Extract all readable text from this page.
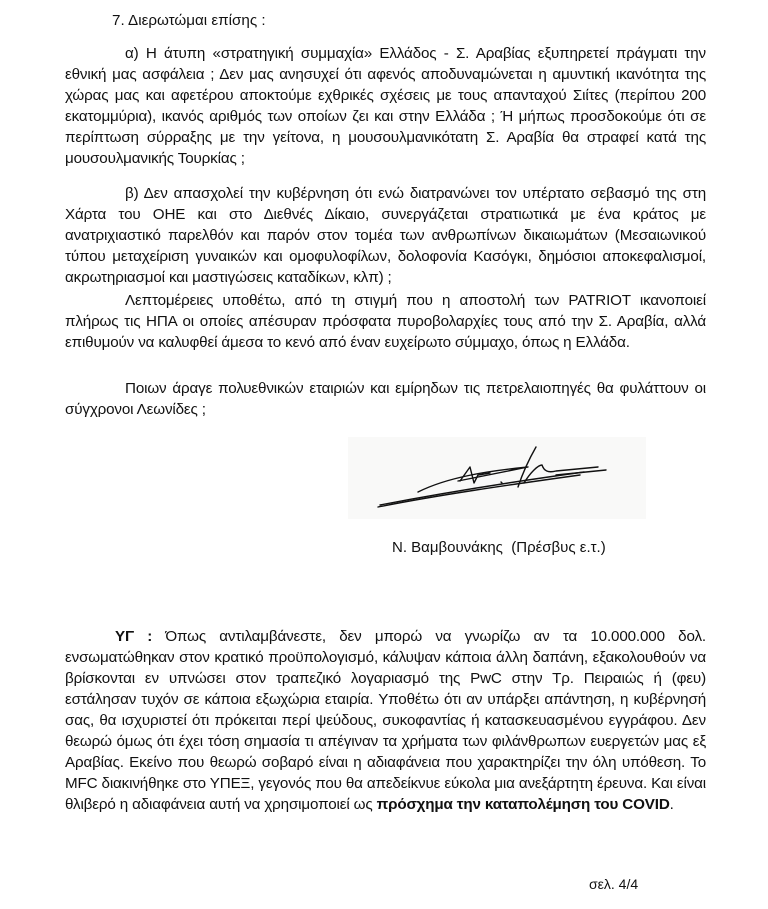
7. Διερωτώμαι επίσης :
α) Η άτυπη «στρατηγική συμμαχία» Ελλάδος - Σ. Αραβίας εξυπηρετεί πράγματι την εθνική μας ασφάλεια ; Δεν μας ανησυχεί ότι αφενός αποδυναμώνεται η αμυντική ικανότητα της χώρας μας και αφετέρου αποκτούμε εχθρικές σχέσεις με τους απανταχού Σιίτες (περίπου 200 εκατομμύρια), ικανός αριθμός των οποίων ζει και στην Ελλάδα ; Ή μήπως προσδοκούμε ότι σε περίπτωση σύρραξης με την γείτονα, η μουσουλμανικότατη Σ. Αραβία θα στραφεί κατά της μουσουλμανικής Τουρκίας ;
β) Δεν απασχολεί την κυβέρνηση ότι ενώ διατρανώνει τον υπέρτατο σεβασμό της στη Χάρτα του ΟΗΕ και στο Διεθνές Δίκαιο, συνεργάζεται στρατιωτικά με ένα κράτος με ανατριχιαστικό παρελθόν και παρόν στον τομέα των ανθρωπίνων δικαιωμάτων (Μεσαιωνικού τύπου μεταχείριση γυναικών και ομοφυλοφίλων, δολοφονία Κασόγκι, δημόσιοι αποκεφαλισμοί, ακρωτηριασμοί και μαστιγώσεις καταδίκων, κλπ) ;
Λεπτομέρειες υποθέτω, από τη στιγμή που η αποστολή των PATRIOT ικανοποιεί πλήρως τις ΗΠΑ οι οποίες απέσυραν πρόσφατα πυροβολαρχίες τους από την Σ. Αραβία, αλλά επιθυμούν να καλυφθεί άμεσα το κενό από έναν ευχείρωτο σύμμαχο, όπως η Ελλάδα.
Ποιων άραγε πολυεθνικών εταιριών και εμίρηδων τις πετρελαιοπηγές θα φυλάττουν οι σύγχρονοι Λεωνίδες ;
Ν. Βαμβουνάκης  (Πρέσβυς ε.τ.)
ΥΓ : Όπως αντιλαμβάνεστε, δεν μπορώ να γνωρίζω αν τα 10.000.000 δολ. ενσωματώθηκαν στον κρατικό προϋπολογισμό, κάλυψαν κάποια άλλη δαπάνη, εξακολουθούν να βρίσκονται εν υπνώσει στον τραπεζικό λογαριασμό της PwC στην Τρ. Πειραιώς ή (φευ) εστάλησαν τυχόν σε κάποια εξωχώρια εταιρία. Υποθέτω ότι αν υπάρξει απάντηση, η κυβέρνησή σας, θα ισχυριστεί ότι πρόκειται περί ψεύδους, συκοφαντίας ή κατασκευασμένου εγγράφου. Δεν θεωρώ όμως ότι έχει τόση σημασία τι απέγιναν τα χρήματα των φιλάνθρωπων ευεργετών μας εξ Αραβίας. Εκείνο που θεωρώ σοβαρό είναι η αδιαφάνεια που χαρακτηρίζει την όλη υπόθεση. Το MFC διακινήθηκε στο ΥΠΕΞ, γεγονός που θα απεδείκνυε εύκολα μια ανεξάρτητη έρευνα. Και είναι θλιβερό η αδιαφάνεια αυτή να χρησιμοποιεί ως πρόσχημα την καταπολέμηση του COVID.
σελ. 4/4
